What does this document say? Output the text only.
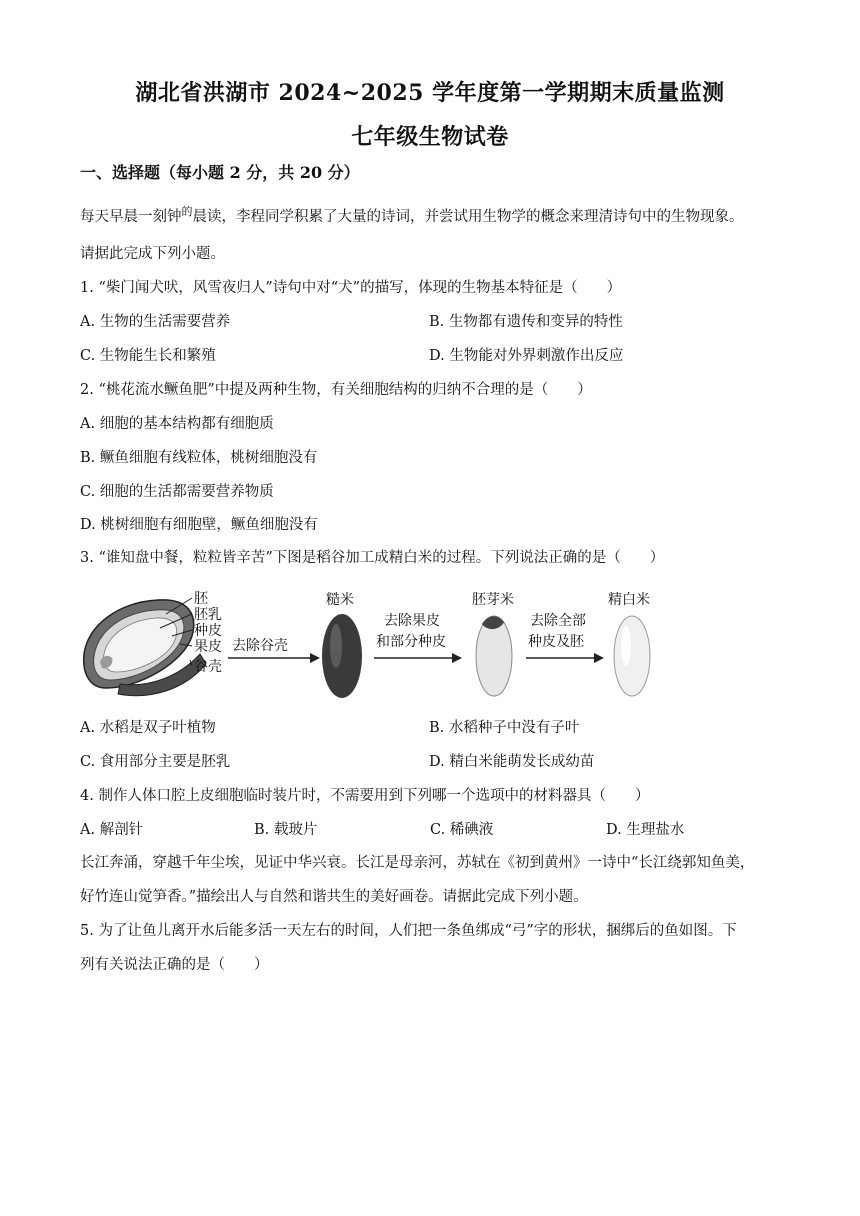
湖北省洪湖市 2024~2025 学年度第一学期期末质量监测
七年级生物试卷
一、选择题（每小题 2 分，共 20 分）
每天早晨一刻钟$^的$晨读，李程同学积累了大量的诗词，并尝试用生物学的概念来理清诗句中的生物现象。
请据此完成下列小题。
1. “柴门闻犬吠，风雪夜归人”诗句中对“犬”的描写，体现的生物基本特征是（　　）
A. 生物的生活需要营养	B. 生物都有遗传和变异的特性
C. 生物能生长和繁殖	D. 生物能对外界刺激作出反应
2. “桃花流水鳜鱼肥”中提及两种生物，有关细胞结构的归纳不合理的是（　　）
A. 细胞的基本结构都有细胞质
B. 鳜鱼细胞有线粒体，桃树细胞没有
C. 细胞的生活都需要营养物质
D. 桃树细胞有细胞壁，鳜鱼细胞没有
3. “谁知盘中餐，粒粒皆辛苦”下图是稻谷加工成精白米的过程。下列说法正确的是（　　）
胚
胚乳
种皮
果皮
谷壳
去除谷壳
糙米
去除果皮
和部分种皮
胚芽米
去除全部
种皮及胚
精白米
A. 水稻是双子叶植物	B. 水稻种子中没有子叶
C. 食用部分主要是胚乳	D. 精白米能萌发长成幼苗
4. 制作人体口腔上皮细胞临时装片时，不需要用到下列哪一个选项中的材料器具（　　）
A. 解剖针	B. 载玻片	C. 稀碘液	D. 生理盐水
长江奔涌，穿越千年尘埃，见证中华兴衰。长江是母亲河，苏轼在《初到黄州》一诗中“长江绕郭知鱼美，
好竹连山觉笋香。”描绘出人与自然和谐共生的美好画卷。请据此完成下列小题。
5. 为了让鱼儿离开水后能多活一天左右的时间，人们把一条鱼绑成“弓”字的形状，捆绑后的鱼如图。下
列有关说法正确的是（　　）
